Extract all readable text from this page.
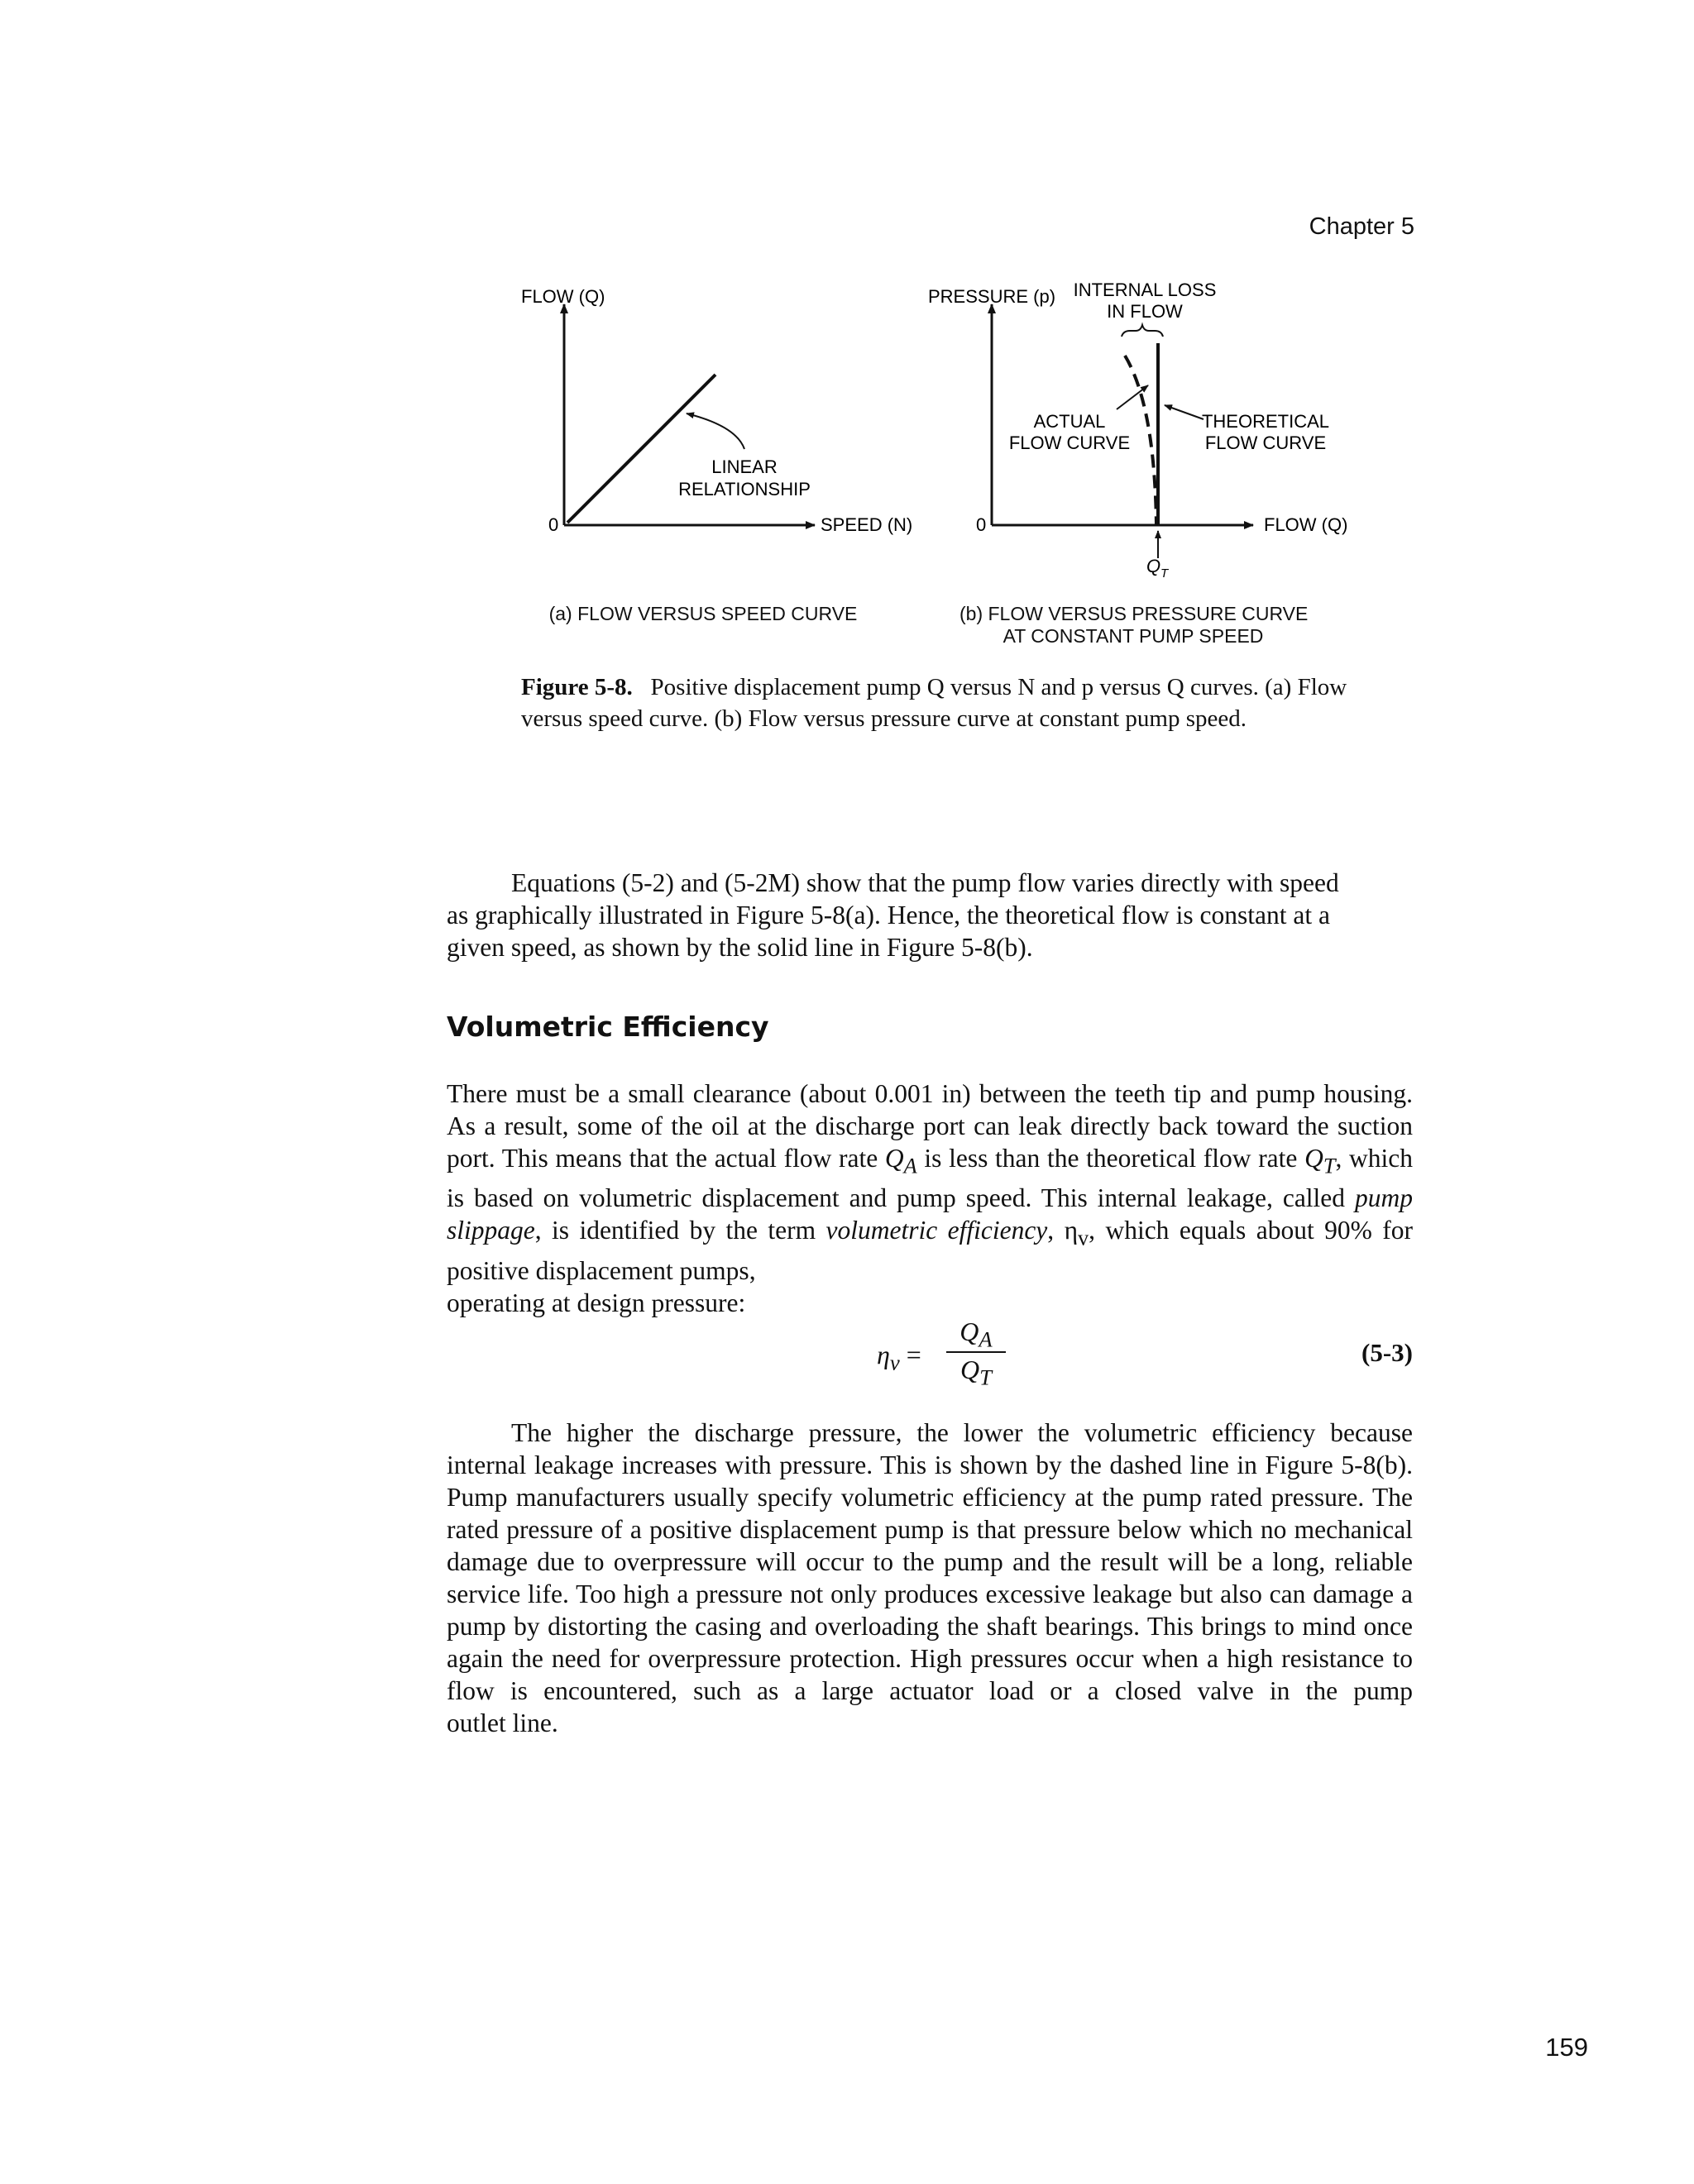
Chapter 5
FLOW (Q)
0	SPEED (N)
LINEAR
RELATIONSHIP
PRESSURE (p) INTERNAL LOSS
IN FLOW
ACTUAL
FLOW CURVE
THEORETICAL
FLOW CURVE
0	FLOW (Q)
Q T
(a) FLOW VERSUS SPEED CURVE	(b) FLOW VERSUS PRESSURE CURVE
AT CONSTANT PUMP SPEED
Figure 5-8. Positive displacement pump Q versus N and p versus Q curves. (a) Flow versus speed curve. (b) Flow versus pressure curve at constant pump speed.
Equations (5-2) and (5-2M) show that the pump flow varies directly with speed
as graphically illustrated in Figure 5-8(a). Hence, the theoretical flow is constant at a
given speed, as shown by the solid line in Figure 5-8(b).
Volumetric Efficiency
There must be a small clearance (about 0.001 in) between the teeth tip and pump housing. As a result, some of the oil at the discharge port can leak directly back toward the suction port. This means that the actual flow rate $Q_A$ is less than the theoretical flow rate $Q_T$, which is based on volumetric displacement and pump speed. This internal leakage, called pump slippage, is identified by the term volumetric efficiency, $\eta_v$, which equals about 90% for positive displacement pumps,
operating at design pressure:
$\eta_v$ =
$Q_A$
$Q_T$
(5-3)
The higher the discharge pressure, the lower the volumetric efficiency because internal leakage increases with pressure. This is shown by the dashed line in Figure 5-8(b). Pump manufacturers usually specify volumetric efficiency at the pump rated pressure. The rated pressure of a positive displacement pump is that pressure below which no mechanical damage due to overpressure will occur to the pump and the result will be a long, reliable service life. Too high a pressure not only produces excessive leakage but also can damage a pump by distorting the casing and overloading the shaft bearings. This brings to mind once again the need for overpressure protection. High pressures occur when a high resistance to flow is encountered, such as a large actuator load or a closed valve in the pump
outlet line.
159
